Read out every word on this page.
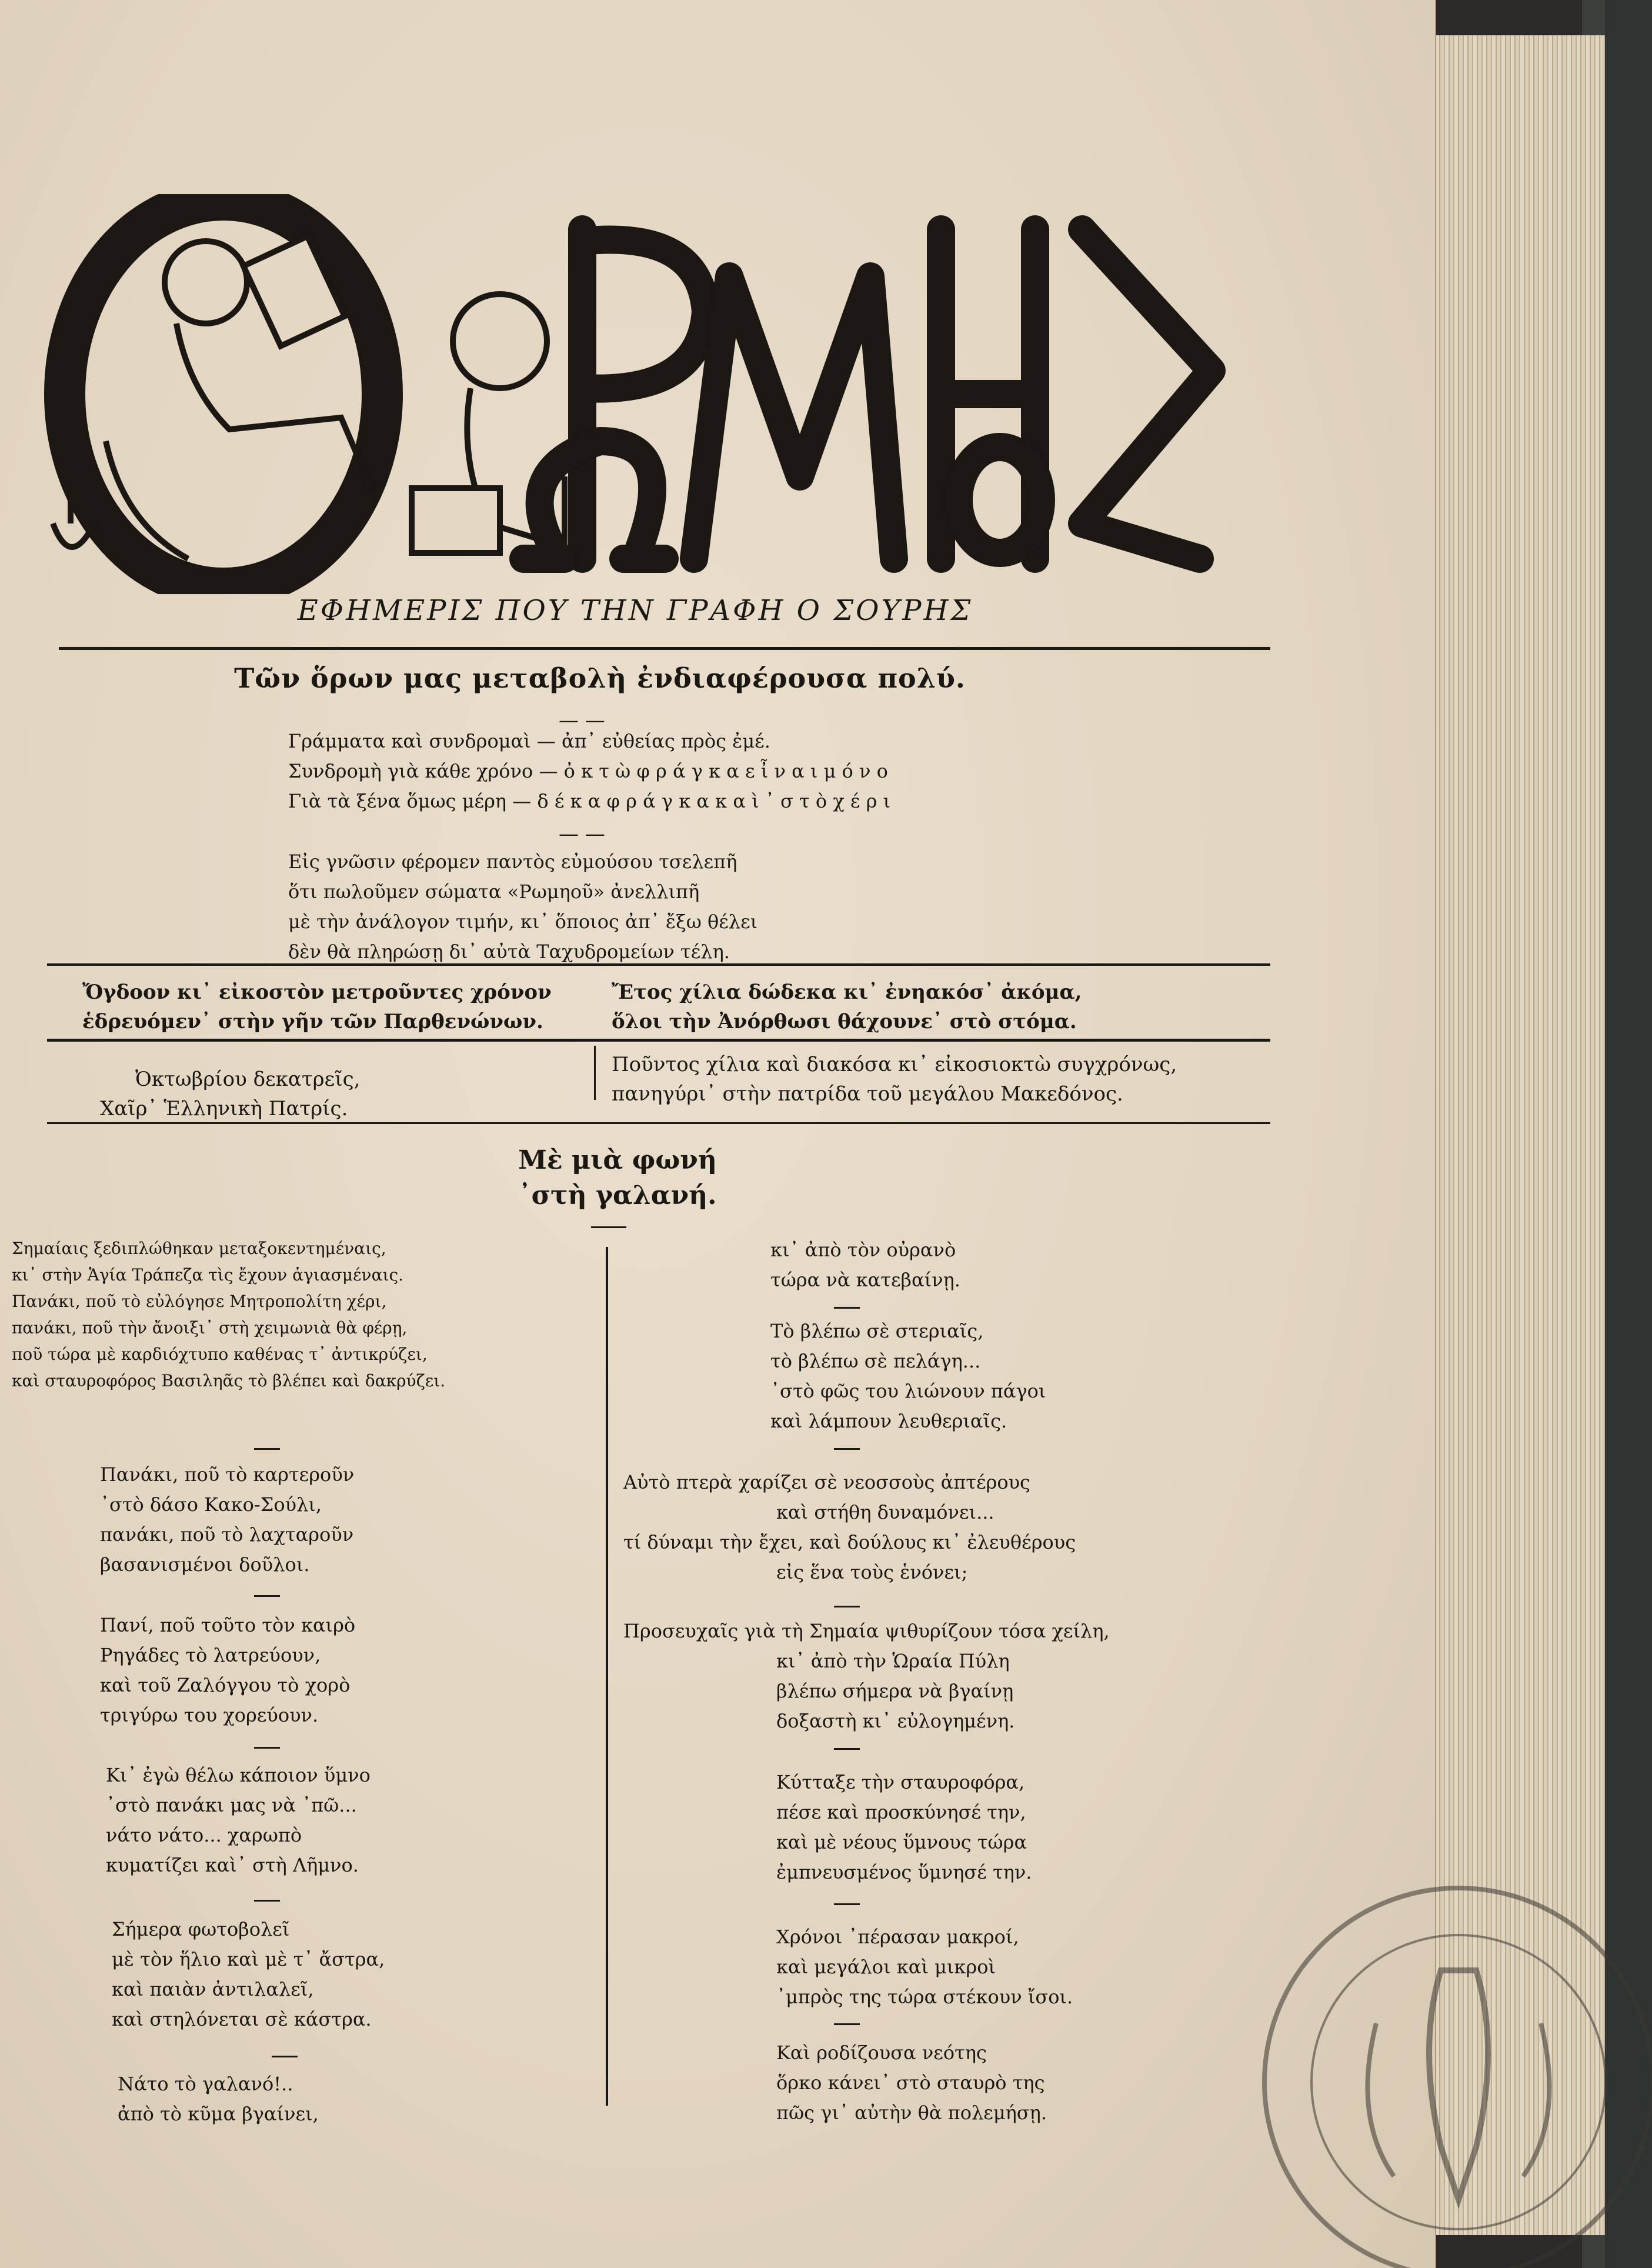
ΕΦΗΜΕΡΙΣ ΠΟΥ ΤΗΝ ΓΡΑΦΗ Ο ΣΟΥΡΗΣ
Τῶν ὅρων μας μεταβολὴ ἐνδιαφέρουσα πολύ.
— —
Γράμματα καὶ συνδρομαὶ — ἀπ᾿ εὐθείας πρὸς ἐμέ.
Συνδρομὴ γιὰ κάθε χρόνο — ὀ κ τ ὼ φ ρ ά γ κ α ε ἶ ν α ι μ ό ν ο
Γιὰ τὰ ξένα ὅμως μέρη — δ έ κ α φ ρ ά γ κ α κ α ὶ ᾿ σ τ ὸ χ έ ρ ι
— —
Εἰς γνῶσιν φέρομεν παντὸς εὐμούσου τσελεπῆ
ὅτι πωλοῦμεν σώματα «Ρωμηοῦ» ἀνελλιπῆ
μὲ τὴν ἀνάλογον τιμήν, κι᾿ ὅποιος ἀπ᾿ ἔξω θέλει
δὲν θὰ πληρώσῃ δι᾿ αὐτὰ Ταχυδρομείων τέλη.
Ὄγδοον κι᾿ εἰκοστὸν μετροῦντες χρόνον
ἑδρευόμεν᾿ στὴν γῆν τῶν Παρθενώνων.
Ἔτος χίλια δώδεκα κι᾿ ἐνηακόσ᾿ ἀκόμα,
ὅλοι τὴν Ἀνόρθωσι θάχουνε᾿ στὸ στόμα.
Ὀκτωβρίου δεκατρεῖς,
Χαῖρ᾿ Ἑλληνικὴ Πατρίς.
Ποῦντος χίλια καὶ διακόσα κι᾿ εἰκοσιοκτὼ συγχρόνως,
πανηγύρι᾿ στὴν πατρίδα τοῦ μεγάλου Μακεδόνος.
Μὲ μιὰ φωνή
᾿στὴ γαλανή.
Σημαίαις ξεδιπλώθηκαν μεταξοκεντημέναις,
κι᾿ στὴν Ἁγία Τράπεζα τὶς ἔχουν ἁγιασμέναις.
Πανάκι, ποῦ τὸ εὐλόγησε Μητροπολίτη χέρι,
πανάκι, ποῦ τὴν ἄνοιξι᾿ στὴ χειμωνιὰ θὰ φέρῃ,
ποῦ τώρα μὲ καρδιόχτυπο καθένας τ᾿ ἀντικρύζει,
καὶ σταυροφόρος Βασιληᾶς τὸ βλέπει καὶ δακρύζει.
Πανάκι, ποῦ τὸ καρτεροῦν
᾿στὸ δάσο Κακο-Σούλι,
πανάκι, ποῦ τὸ λαχταροῦν
βασανισμένοι δοῦλοι.
Πανί, ποῦ τοῦτο τὸν καιρὸ
Ρηγάδες τὸ λατρεύουν,
καὶ τοῦ Ζαλόγγου τὸ χορὸ
τριγύρω του χορεύουν.
Κι᾿ ἐγὼ θέλω κάποιον ὕμνο
᾿στὸ πανάκι μας νὰ ᾿πῶ...
νάτο νάτο... χαρωπὸ
κυματίζει καὶ᾿ στὴ Λῆμνο.
Σήμερα φωτοβολεῖ
μὲ τὸν ἥλιο καὶ μὲ τ᾿ ἄστρα,
καὶ παιὰν ἀντιλαλεῖ,
καὶ στηλόνεται σὲ κάστρα.
Νάτο τὸ γαλανό!..
ἀπὸ τὸ κῦμα βγαίνει,
κι᾿ ἀπὸ τὸν οὐρανὸ
τώρα νὰ κατεβαίνῃ.
Τὸ βλέπω σὲ στεριαῖς,
τὸ βλέπω σὲ πελάγη...
᾿στὸ φῶς του λιώνουν πάγοι
καὶ λάμπουν λευθεριαῖς.
Αὐτὸ πτερὰ χαρίζει σὲ νεοσσοὺς ἀπτέρους
καὶ στήθη δυναμόνει...
τί δύναμι τὴν ἔχει, καὶ δούλους κι᾿ ἐλευθέρους
εἰς ἕνα τοὺς ἑνόνει;
Προσευχαῖς γιὰ τὴ Σημαία ψιθυρίζουν τόσα χείλη,
κι᾿ ἀπὸ τὴν Ὡραία Πύλη
βλέπω σήμερα νὰ βγαίνῃ
δοξαστὴ κι᾿ εὐλογημένη.
Κύτταξε τὴν σταυροφόρα,
πέσε καὶ προσκύνησέ την,
καὶ μὲ νέους ὕμνους τώρα
ἐμπνευσμένος ὕμνησέ την.
Χρόνοι ᾿πέρασαν μακροί,
καὶ μεγάλοι καὶ μικροὶ
᾿μπρὸς της τώρα στέκουν ἴσοι.
Καὶ ροδίζουσα νεότης
ὅρκο κάνει᾿ στὸ σταυρὸ της
πῶς γι᾿ αὐτὴν θὰ πολεμήσῃ.
